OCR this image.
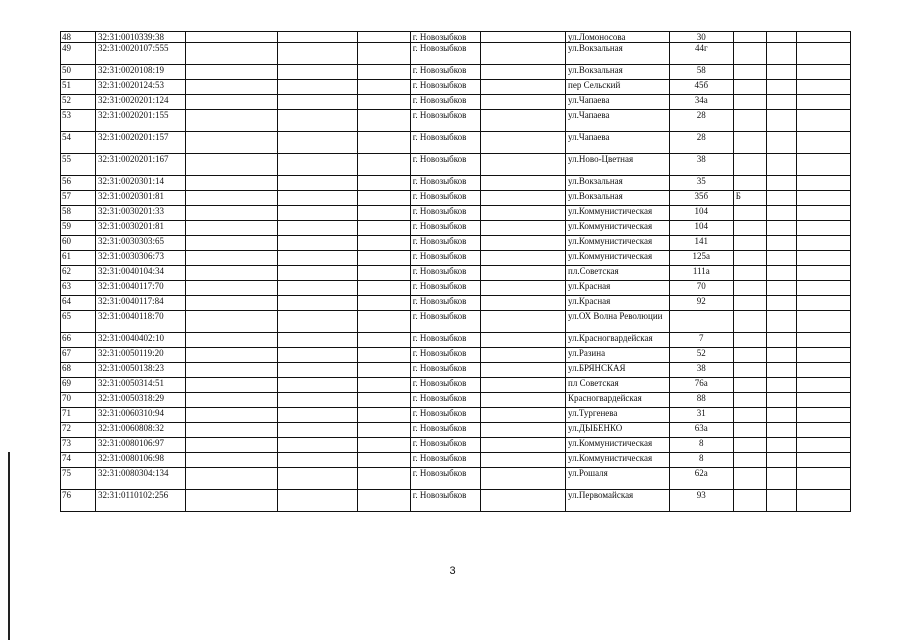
48	32:31:0010339:38				г. Новозыбков		ул.Ломоносова	30			
49	32:31:0020107:555				г. Новозыбков		ул.Вокзальная	44г			
50	32:31:0020108:19				г. Новозыбков		ул.Вокзальная	58			
51	32:31:0020124:53				г. Новозыбков		пер Сельский	45б			
52	32:31:0020201:124				г. Новозыбков		ул.Чапаева	34а			
53	32:31:0020201:155				г. Новозыбков		ул.Чапаева	28			
54	32:31:0020201:157				г. Новозыбков		ул.Чапаева	28			
55	32:31:0020201:167				г. Новозыбков		ул.Ново-Цветная	38			
56	32:31:0020301:14				г. Новозыбков		ул.Вокзальная	35			
57	32:31:0020301:81				г. Новозыбков		ул.Вокзальная	35б	Б		
58	32:31:0030201:33				г. Новозыбков		ул.Коммунистическая	104			
59	32:31:0030201:81				г. Новозыбков		ул.Коммунистическая	104			
60	32:31:0030303:65				г. Новозыбков		ул.Коммунистическая	141			
61	32:31:0030306:73				г. Новозыбков		ул.Коммунистическая	125а			
62	32:31:0040104:34				г. Новозыбков		пл.Советская	111а			
63	32:31:0040117:70				г. Новозыбков		ул.Красная	70			
64	32:31:0040117:84				г. Новозыбков		ул.Красная	92			
65	32:31:0040118:70				г. Новозыбков		ул.ОХ Волна Революции				
66	32:31:0040402:10				г. Новозыбков		ул.Красногвардейская	7			
67	32:31:0050119:20				г. Новозыбков		ул.Разина	52			
68	32:31:0050138:23				г. Новозыбков		ул.БРЯНСКАЯ	38			
69	32:31:0050314:51				г. Новозыбков		пл Советская	76а			
70	32:31:0050318:29				г. Новозыбков		Красногвардейская	88			
71	32:31:0060310:94				г. Новозыбков		ул.Тургенева	31			
72	32:31:0060808:32				г. Новозыбков		ул.ДЫБЕНКО	63а			
73	32:31:0080106:97				г. Новозыбков		ул.Коммунистическая	8			
74	32:31:0080106:98				г. Новозыбков		ул.Коммунистическая	8			
75	32:31:0080304:134				г. Новозыбков		ул.Рошаля	62а			
76	32:31:0110102:256				г. Новозыбков		ул.Первомайская	93			
3
